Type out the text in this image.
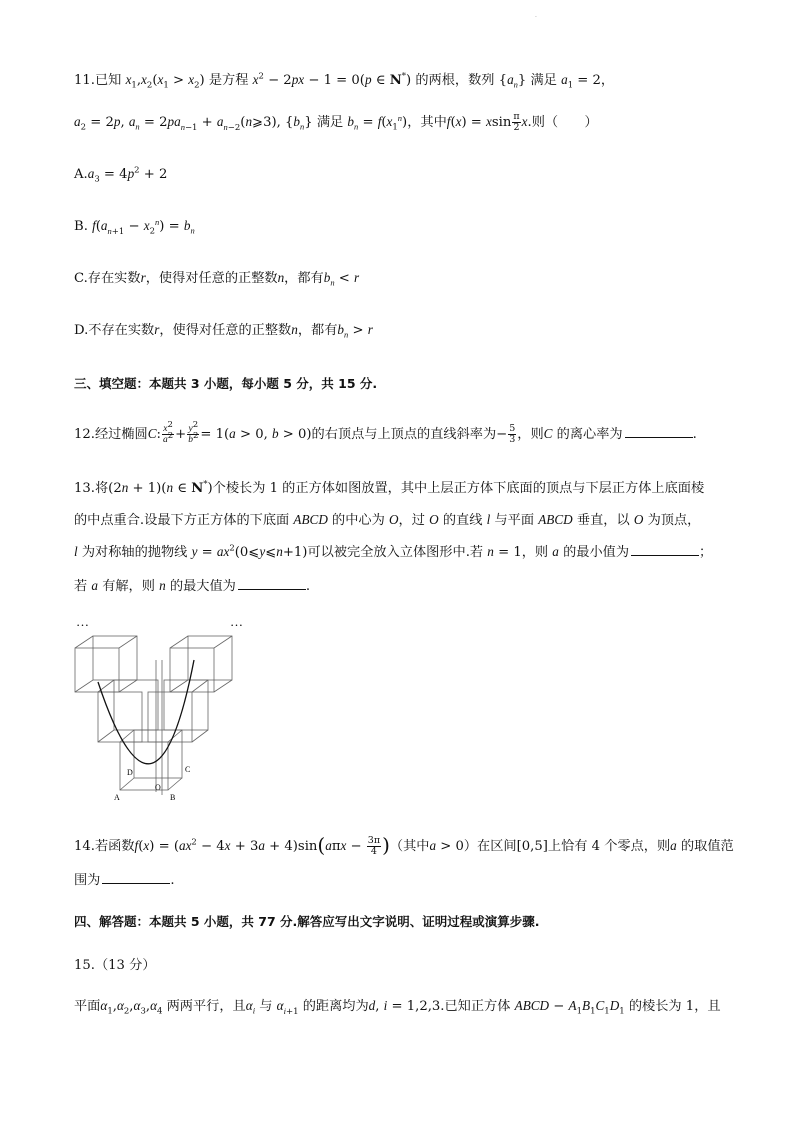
.
11.已知 $x_1,x_2(x_1 > x_2)$ 是方程 $x^2 - 2px - 1 = 0(p$ ∈ N*) 的两根，数列 $\{a_n\}$ 满足 $a_1 = 2$，
$a_2 = 2p$, $a_n = 2pa_{n-1}$ + $a_{n-2}(n⩾3)$, $\{b_n\}$ 满足 $b_n = f(x_1^n)$，其中f(x) = xsin $\frac{\pi}{2} x$.则（　　）
$A.a_3 = 4p^2 + 2$
B. $f(a_{n+1} - x_2^n) = b_n$
C.存在实数r，使得对任意的正整数n，都有$b_n < r$
D.不存在实数r，使得对任意的正整数n，都有$b_n > r$
三、填空题：本题共 3 小题，每小题 5 分，共 15 分.
12.经过椭圆C: $\frac{x^2}{a^2} + \frac{y^2}{b^2} = 1(a > 0$, b > 0)的右顶点与上顶点的直线斜率为− $\frac{5}{3}$ ，则C 的离心率为	.
13.将(2n + 1)(n ∈ N*)个棱长为 1 的正方体如图放置，其中上层正方体下底面的顶点与下层正方体上底面棱
的中点重合.设最下方正方体的下底面 ABCD 的中心为 O，过 O 的直线 l 与平面 ABCD 垂直，以 O 为顶点，
l 为对称轴的抛物线 $y = ax^2(0⩽y⩽n+1)$可以被完全放入立体图形中.若 n = 1，则 a 的最小值为	；
若 a 有解，则 n 的最大值为	.
…	…
D	C
O
A	B
14.若函数$f(x) = (ax^2 - 4x + 3a + 4)\sin(a\pi x - \frac{3\pi}{4}$ )（其中a > 0）在区间[0,5]上恰有 4 个零点，则a 的取值范
围为	.
四、解答题：本题共 5 小题，共 77 分.解答应写出文字说明、证明过程或演算步骤.
15.（13 分）
平面$\alpha_1,\alpha_2,\alpha_3,\alpha_4$ 两两平行，且$\alpha_i$ 与 $\alpha_{i+1}$ 的距离均为d, i = 1,2,3.已知正方体 ABCD − $A_1B_1C_1D_1$ 的棱长为 1，且
